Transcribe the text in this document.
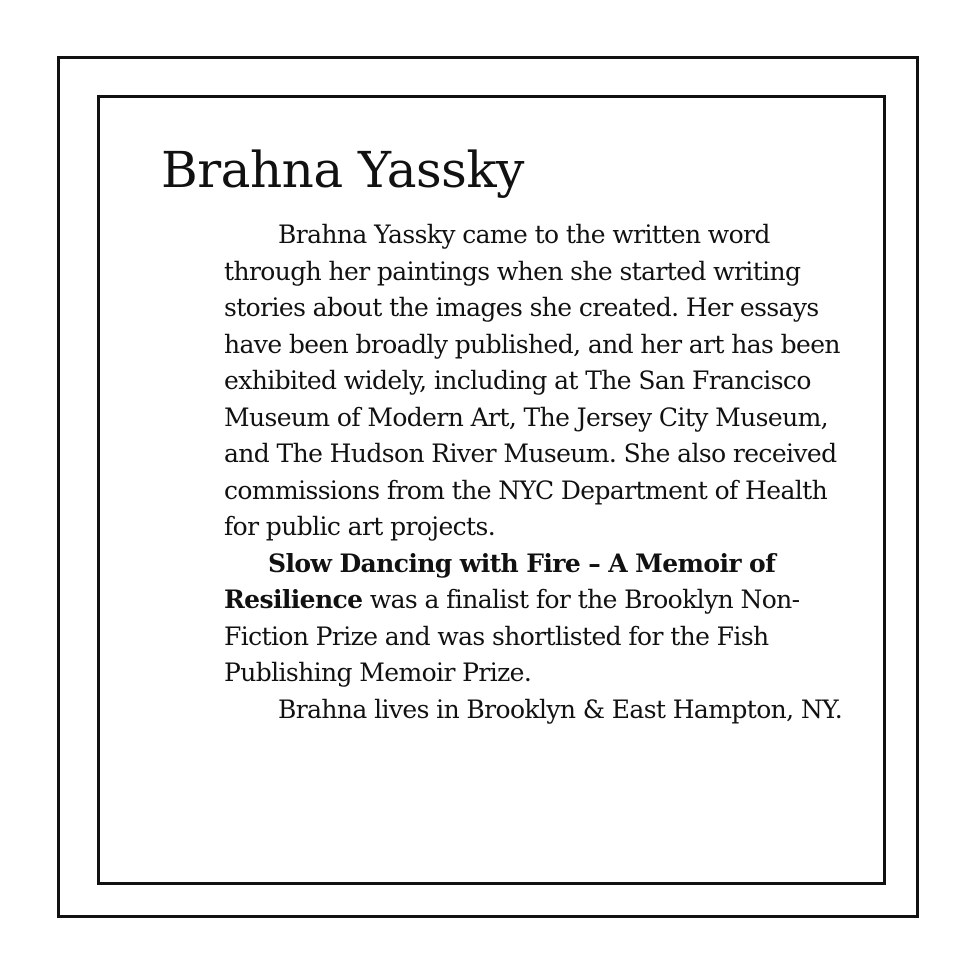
Brahna Yassky

Brahna Yassky came to the written word through her paintings when she started writing stories about the images she created. Her essays have been broadly published, and her art has been exhibited widely, including at The San Francisco Museum of Modern Art, The Jersey City Museum, and The Hudson River Museum. She also received commissions from the NYC Department of Health for public art projects.

Slow Dancing with Fire – A Memoir of Resilience was a finalist for the Brooklyn Non-Fiction Prize and was shortlisted for the Fish Publishing Memoir Prize.

Brahna lives in Brooklyn & East Hampton, NY.
